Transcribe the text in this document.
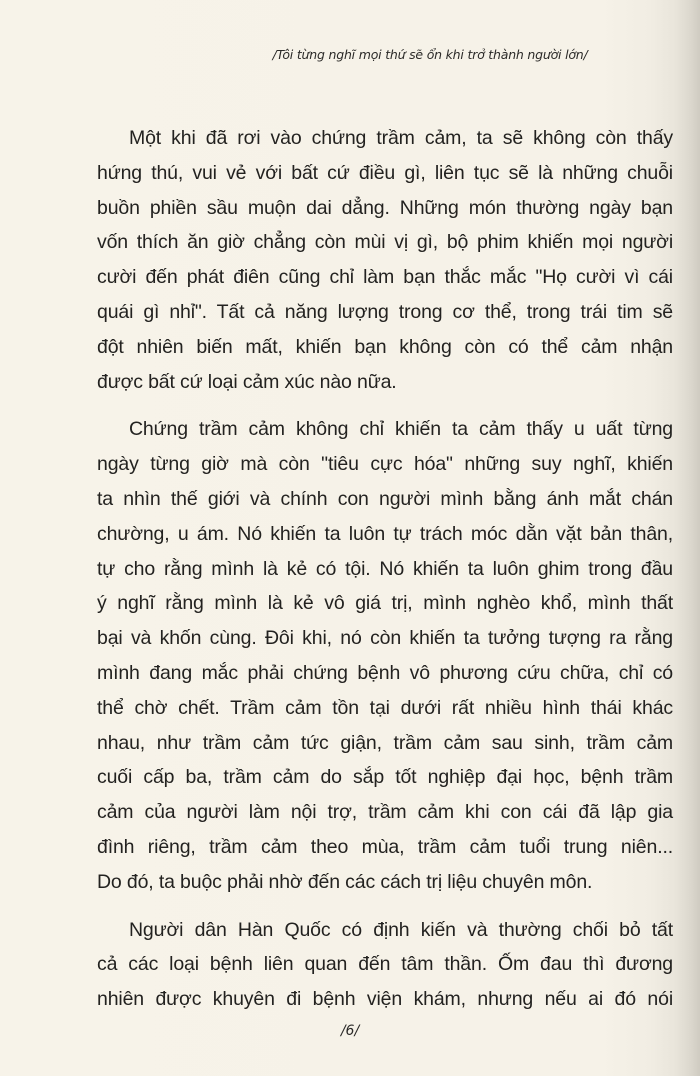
/Tôi từng nghĩ mọi thứ sẽ ổn khi trở thành người lớn/
Một khi đã rơi vào chứng trầm cảm, ta sẽ không còn thấy
hứng thú, vui vẻ với bất cứ điều gì, liên tục sẽ là những chuỗi
buồn phiền sầu muộn dai dẳng. Những món thường ngày bạn
vốn thích ăn giờ chẳng còn mùi vị gì, bộ phim khiến mọi người
cười đến phát điên cũng chỉ làm bạn thắc mắc "Họ cười vì cái
quái gì nhỉ". Tất cả năng lượng trong cơ thể, trong trái tim sẽ
đột nhiên biến mất, khiến bạn không còn có thể cảm nhận
được bất cứ loại cảm xúc nào nữa.
Chứng trầm cảm không chỉ khiến ta cảm thấy u uất từng
ngày từng giờ mà còn "tiêu cực hóa" những suy nghĩ, khiến
ta nhìn thế giới và chính con người mình bằng ánh mắt chán
chường, u ám. Nó khiến ta luôn tự trách móc dằn vặt bản thân,
tự cho rằng mình là kẻ có tội. Nó khiến ta luôn ghim trong đầu
ý nghĩ rằng mình là kẻ vô giá trị, mình nghèo khổ, mình thất
bại và khốn cùng. Đôi khi, nó còn khiến ta tưởng tượng ra rằng
mình đang mắc phải chứng bệnh vô phương cứu chữa, chỉ có
thể chờ chết. Trầm cảm tồn tại dưới rất nhiều hình thái khác
nhau, như trầm cảm tức giận, trầm cảm sau sinh, trầm cảm
cuối cấp ba, trầm cảm do sắp tốt nghiệp đại học, bệnh trầm
cảm của người làm nội trợ, trầm cảm khi con cái đã lập gia
đình riêng, trầm cảm theo mùa, trầm cảm tuổi trung niên...
Do đó, ta buộc phải nhờ đến các cách trị liệu chuyên môn.
Người dân Hàn Quốc có định kiến và thường chối bỏ tất
cả các loại bệnh liên quan đến tâm thần. Ốm đau thì đương
nhiên được khuyên đi bệnh viện khám, nhưng nếu ai đó nói
/6/
